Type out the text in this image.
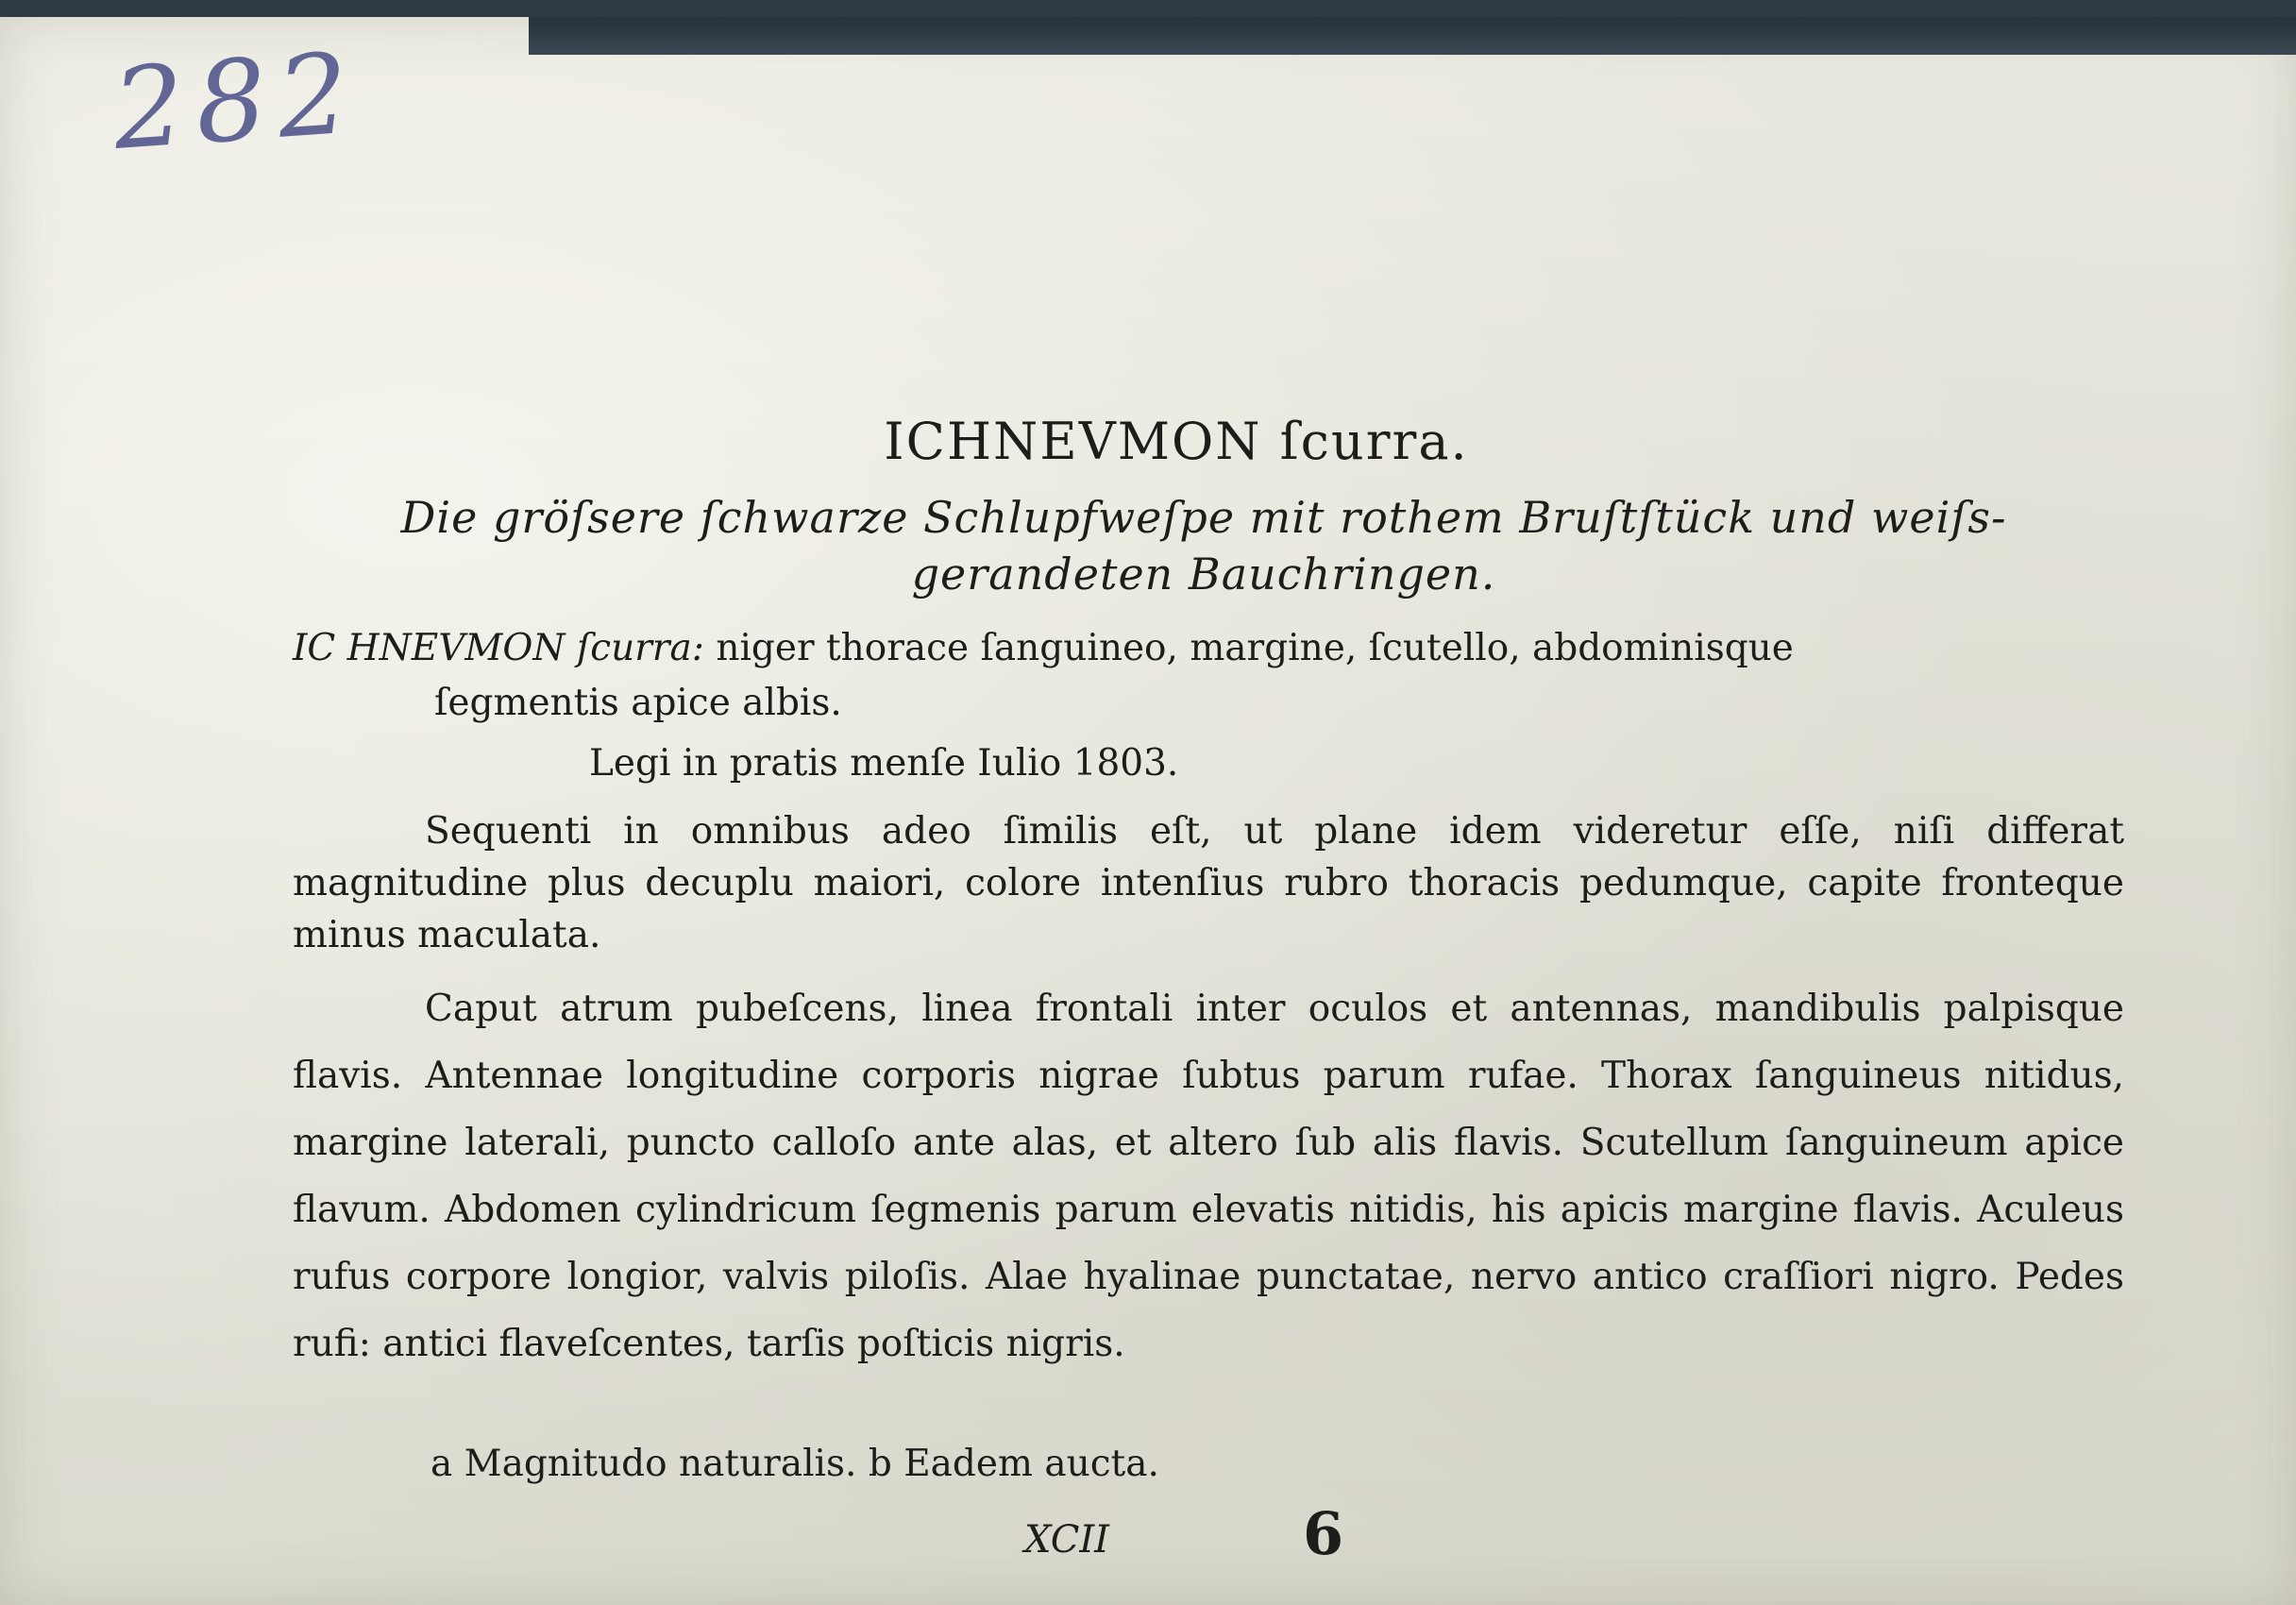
282
ICHNEVMON ſcurra.
Die gröſsere ſchwarze Schlupfweſpe mit rothem Bruſtſtück und weiſs-gerandeten Bauchringen.
IC HNEVMON ſcurra: niger thorace ſanguineo, margine, ſcutello, abdominisque
ſegmentis apice albis.
Legi in pratis menſe Iulio 1803.

Sequenti in omnibus adeo ſimilis eſt, ut plane idem videretur eſſe, niſi differat magnitudine plus decuplu maiori, colore intenſius rubro thoracis pedumque, capite fronteque minus maculata.

Caput atrum pubeſcens, linea frontali inter oculos et antennas, mandibulis palpisque flavis. Antennae longitudine corporis nigrae ſubtus parum rufae. Thorax ſanguineus nitidus, margine laterali, puncto calloſo ante alas, et altero ſub alis flavis. Scutellum ſanguineum apice flavum. Abdomen cylindricum ſegmenis parum elevatis nitidis, his apicis margine flavis. Aculeus rufus corpore longior, valvis piloſis. Alae hyalinae punctatae, nervo antico craſſiori nigro. Pedes rufi: antici flaveſcentes, tarſis poſticis nigris.

a Magnitudo naturalis. b Eadem aucta.
XCII	6
